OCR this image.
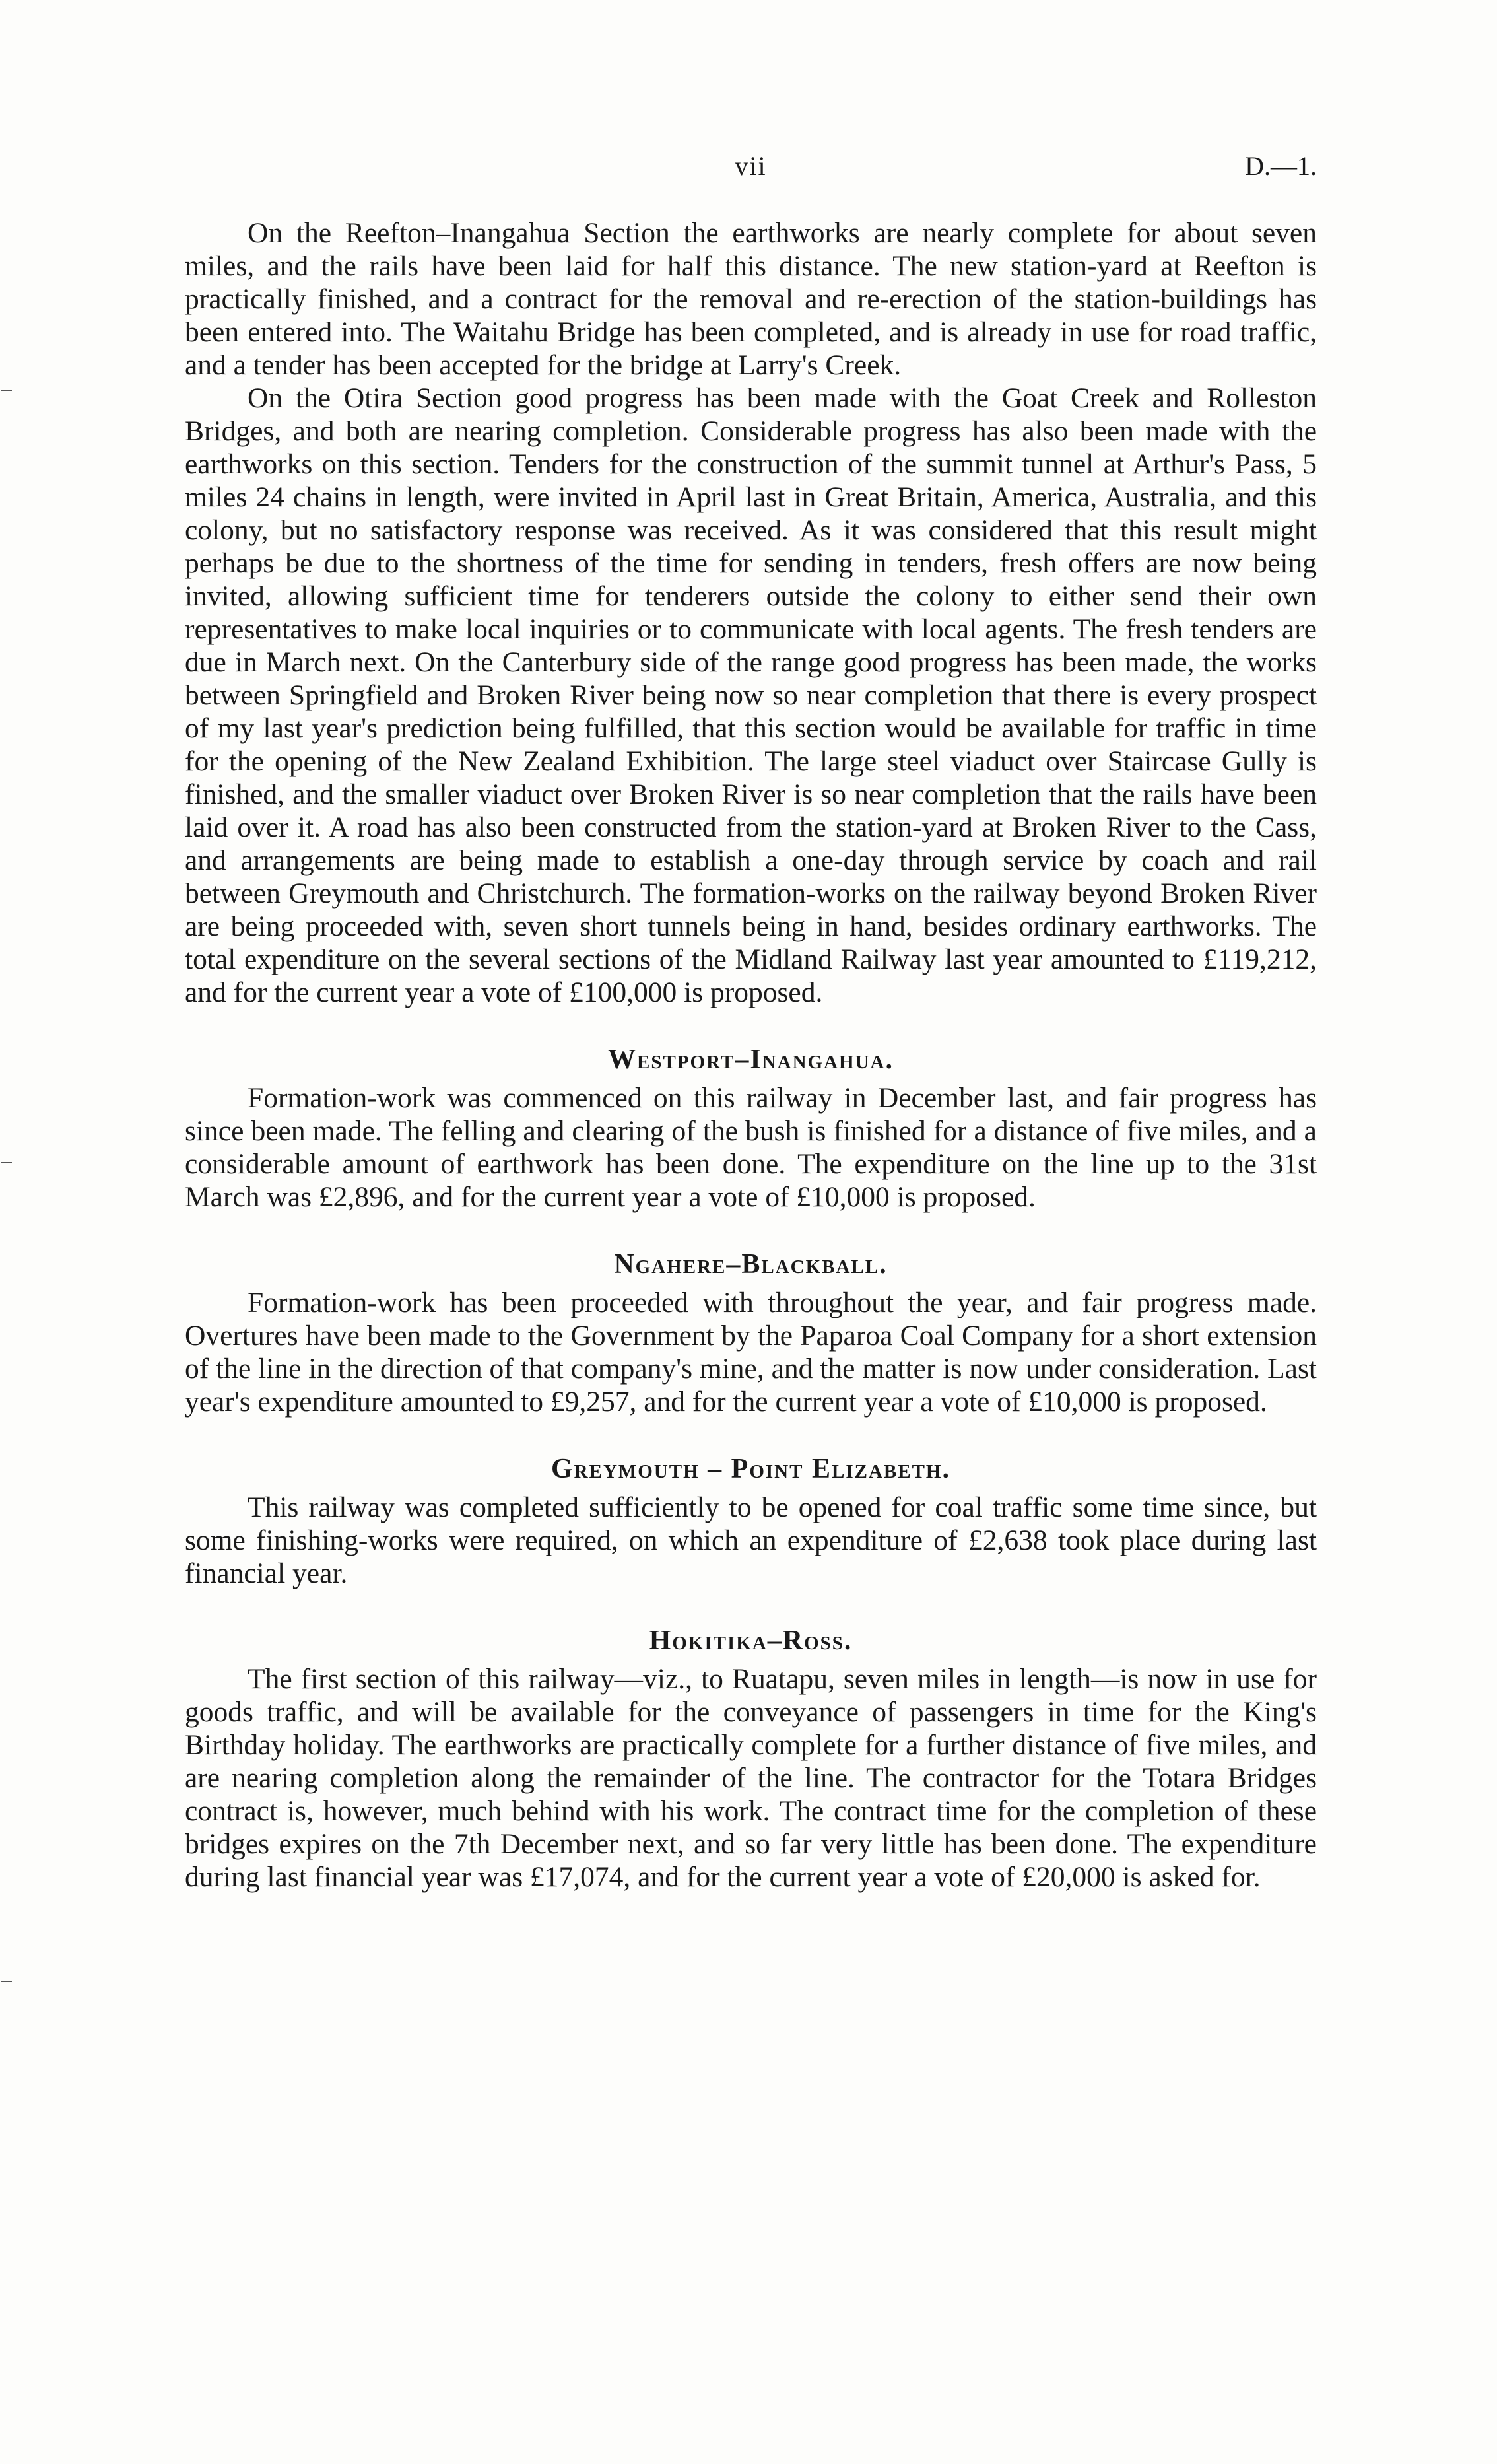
vii	D.—1.

On the Reefton–Inangahua Section the earthworks are nearly complete for about seven miles, and the rails have been laid for half this distance. The new station-yard at Reefton is practically finished, and a contract for the removal and re-erection of the station-buildings has been entered into. The Waitahu Bridge has been completed, and is already in use for road traffic, and a tender has been accepted for the bridge at Larry's Creek.

On the Otira Section good progress has been made with the Goat Creek and Rolleston Bridges, and both are nearing completion. Considerable progress has also been made with the earthworks on this section. Tenders for the construction of the summit tunnel at Arthur's Pass, 5 miles 24 chains in length, were invited in April last in Great Britain, America, Australia, and this colony, but no satisfactory response was received. As it was considered that this result might perhaps be due to the shortness of the time for sending in tenders, fresh offers are now being invited, allowing sufficient time for tenderers outside the colony to either send their own representatives to make local inquiries or to communicate with local agents. The fresh tenders are due in March next. On the Canterbury side of the range good progress has been made, the works between Springfield and Broken River being now so near completion that there is every prospect of my last year's prediction being fulfilled, that this section would be available for traffic in time for the opening of the New Zealand Exhibition. The large steel viaduct over Staircase Gully is finished, and the smaller viaduct over Broken River is so near completion that the rails have been laid over it. A road has also been constructed from the station-yard at Broken River to the Cass, and arrangements are being made to establish a one-day through service by coach and rail between Greymouth and Christchurch. The formation-works on the railway beyond Broken River are being proceeded with, seven short tunnels being in hand, besides ordinary earthworks. The total expenditure on the several sections of the Midland Railway last year amounted to £119,212, and for the current year a vote of £100,000 is proposed.

Westport–Inangahua.

Formation-work was commenced on this railway in December last, and fair progress has since been made. The felling and clearing of the bush is finished for a distance of five miles, and a considerable amount of earthwork has been done. The expenditure on the line up to the 31st March was £2,896, and for the current year a vote of £10,000 is proposed.

Ngahere–Blackball.

Formation-work has been proceeded with throughout the year, and fair progress made. Overtures have been made to the Government by the Paparoa Coal Company for a short extension of the line in the direction of that company's mine, and the matter is now under consideration. Last year's expenditure amounted to £9,257, and for the current year a vote of £10,000 is proposed.

Greymouth – Point Elizabeth.

This railway was completed sufficiently to be opened for coal traffic some time since, but some finishing-works were required, on which an expenditure of £2,638 took place during last financial year.

Hokitika–Ross.

The first section of this railway—viz., to Ruatapu, seven miles in length—is now in use for goods traffic, and will be available for the conveyance of passengers in time for the King's Birthday holiday. The earthworks are practically complete for a further distance of five miles, and are nearing completion along the remainder of the line. The contractor for the Totara Bridges contract is, however, much behind with his work. The contract time for the completion of these bridges expires on the 7th December next, and so far very little has been done. The expenditure during last financial year was £17,074, and for the current year a vote of £20,000 is asked for.
